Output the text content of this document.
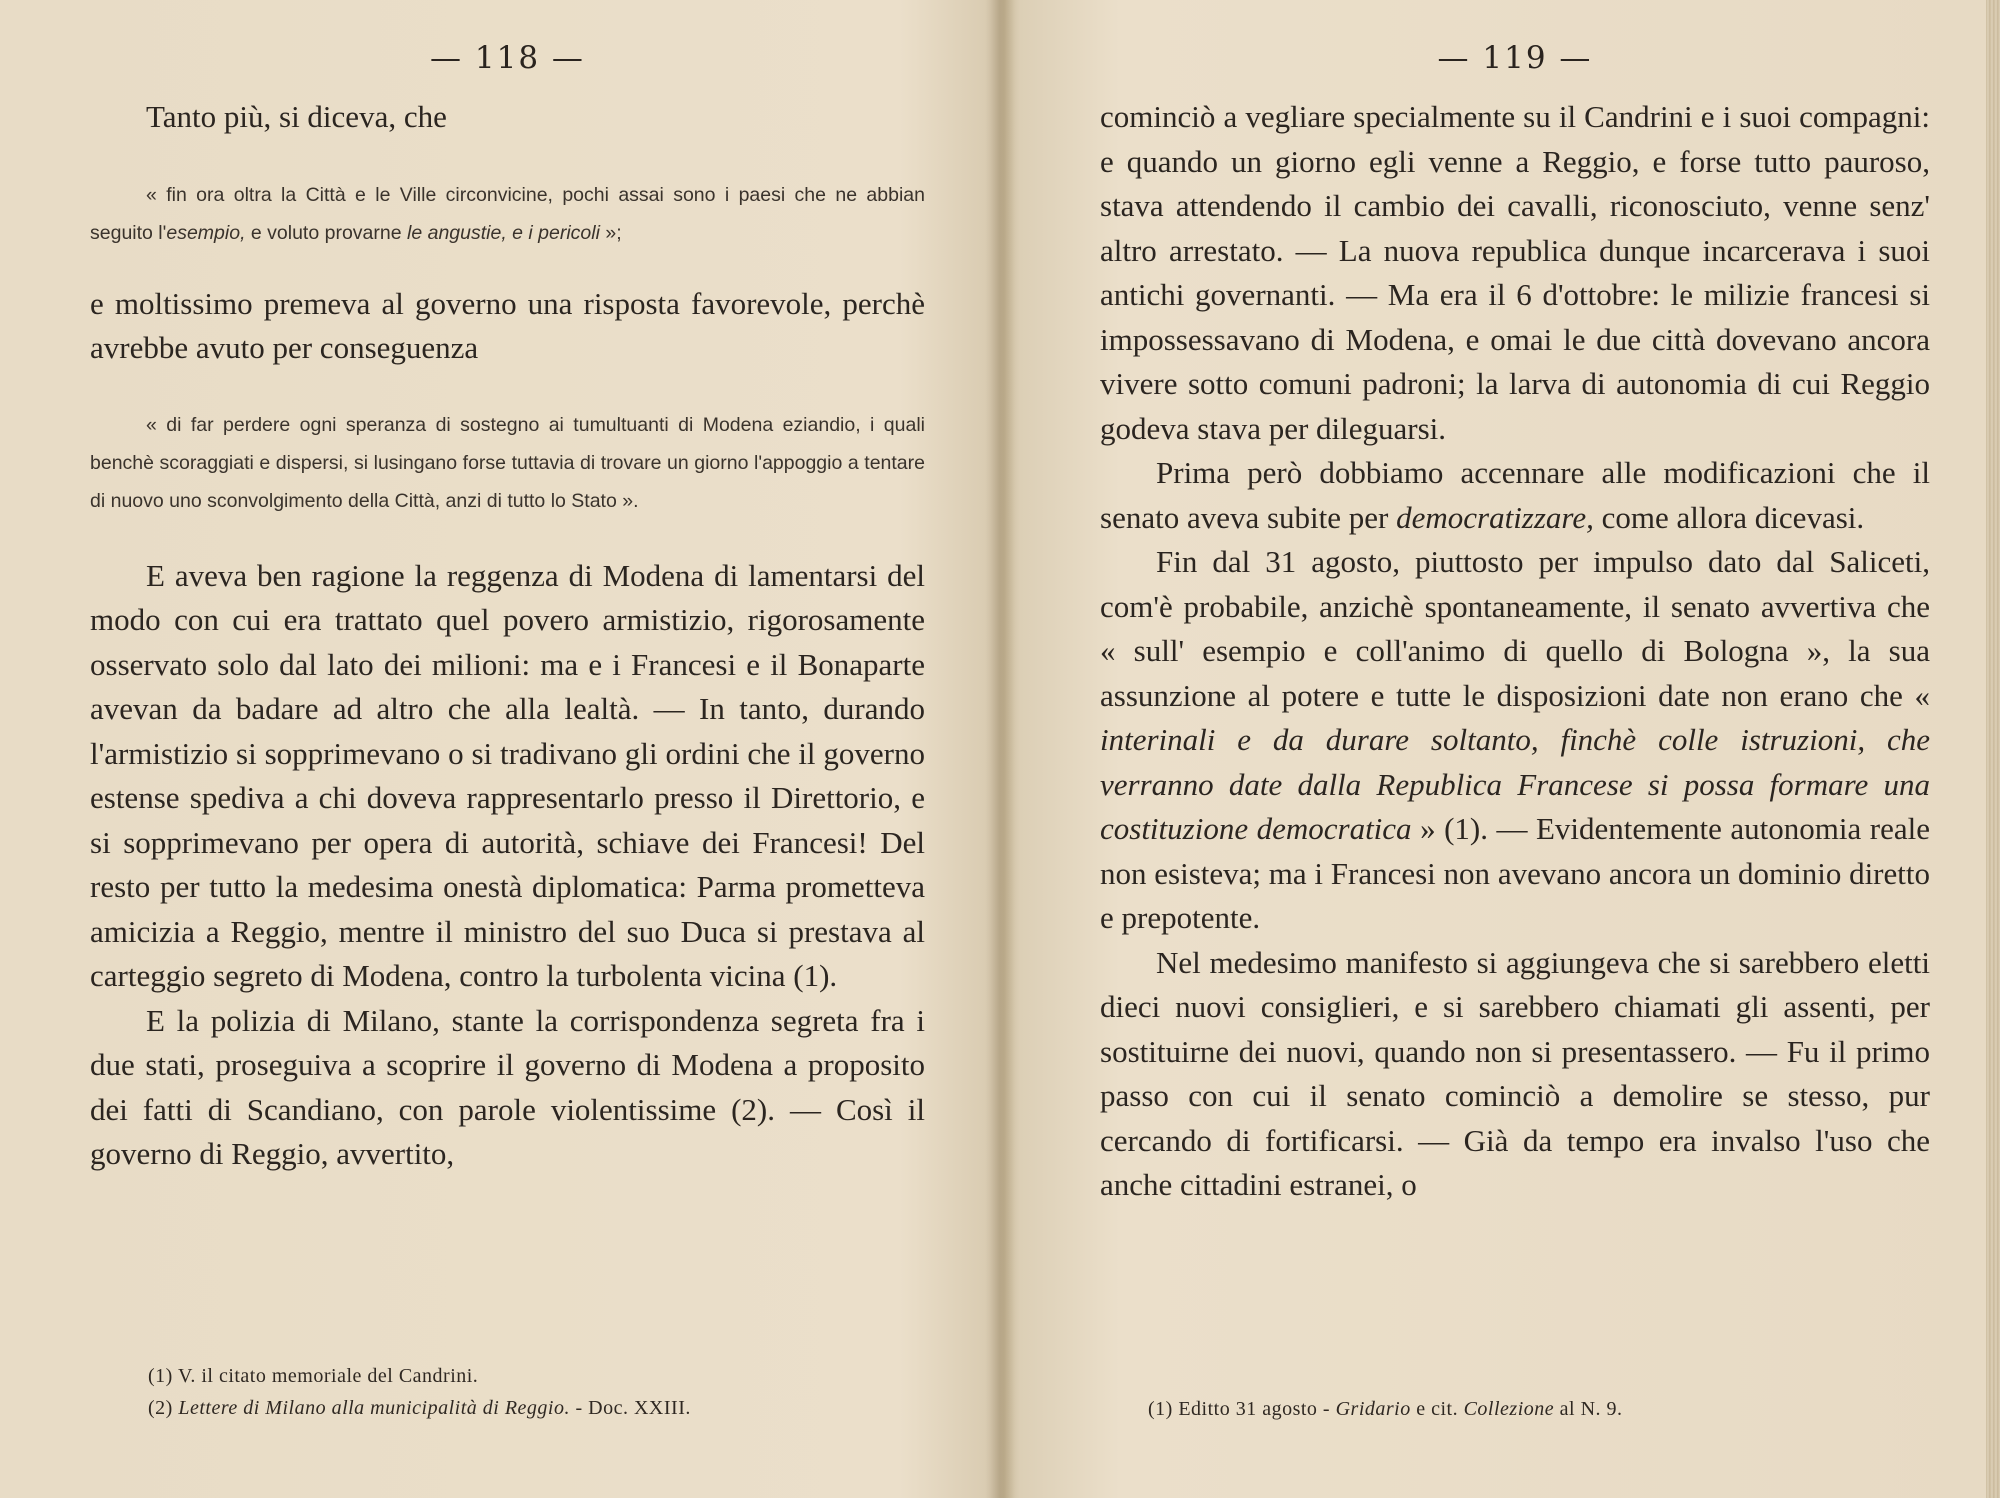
— 118 —

Tanto più, si diceva, che

« fin ora oltra la Città e le Ville circonvicine, pochi assai sono i paesi che ne abbian seguito l'esempio, e voluto provarne le angustie, e i pericoli »;

e moltissimo premeva al governo una risposta favorevole, perchè avrebbe avuto per conseguenza

« di far perdere ogni speranza di sostegno ai tumultuanti di Modena eziandio, i quali benchè scoraggiati e dispersi, si lusingano forse tuttavia di trovare un giorno l'appoggio a tentare di nuovo uno sconvolgimento della Città, anzi di tutto lo Stato ».

E aveva ben ragione la reggenza di Modena di lamentarsi del modo con cui era trattato quel povero armistizio, rigorosamente osservato solo dal lato dei milioni: ma e i Francesi e il Bonaparte avevan da badare ad altro che alla lealtà. — In tanto, durando l'armistizio si sopprimevano o si tradivano gli ordini che il governo estense spediva a chi doveva rappresentarlo presso il Direttorio, e si sopprimevano per opera di autorità, schiave dei Francesi! Del resto per tutto la medesima onestà diplomatica: Parma prometteva amicizia a Reggio, mentre il ministro del suo Duca si prestava al carteggio segreto di Modena, contro la turbolenta vicina (1).

E la polizia di Milano, stante la corrispondenza segreta fra i due stati, proseguiva a scoprire il governo di Modena a proposito dei fatti di Scandiano, con parole violentissime (2). — Così il governo di Reggio, avvertito,

(1) V. il citato memoriale del Candrini.

(2) Lettere di Milano alla municipalità di Reggio. - Doc. XXIII.

— 119 —

cominciò a vegliare specialmente su il Candrini e i suoi compagni: e quando un giorno egli venne a Reggio, e forse tutto pauroso, stava attendendo il cambio dei cavalli, riconosciuto, venne senz' altro arrestato. — La nuova republica dunque incarcerava i suoi antichi governanti. — Ma era il 6 d'ottobre: le milizie francesi si impossessavano di Modena, e omai le due città dovevano ancora vivere sotto comuni padroni; la larva di autonomia di cui Reggio godeva stava per dileguarsi.

Prima però dobbiamo accennare alle modificazioni che il senato aveva subite per democratizzare, come allora dicevasi.

Fin dal 31 agosto, piuttosto per impulso dato dal Saliceti, com'è probabile, anzichè spontaneamente, il senato avvertiva che « sull' esempio e coll'animo di quello di Bologna », la sua assunzione al potere e tutte le disposizioni date non erano che « interinali e da durare soltanto, finchè colle istruzioni, che verranno date dalla Republica Francese si possa formare una costituzione democratica » (1). — Evidentemente autonomia reale non esisteva; ma i Francesi non avevano ancora un dominio diretto e prepotente.

Nel medesimo manifesto si aggiungeva che si sarebbero eletti dieci nuovi consiglieri, e si sarebbero chiamati gli assenti, per sostituirne dei nuovi, quando non si presentassero. — Fu il primo passo con cui il senato cominciò a demolire se stesso, pur cercando di fortificarsi. — Già da tempo era invalso l'uso che anche cittadini estranei, o

(1) Editto 31 agosto - Gridario e cit. Collezione al N. 9.
